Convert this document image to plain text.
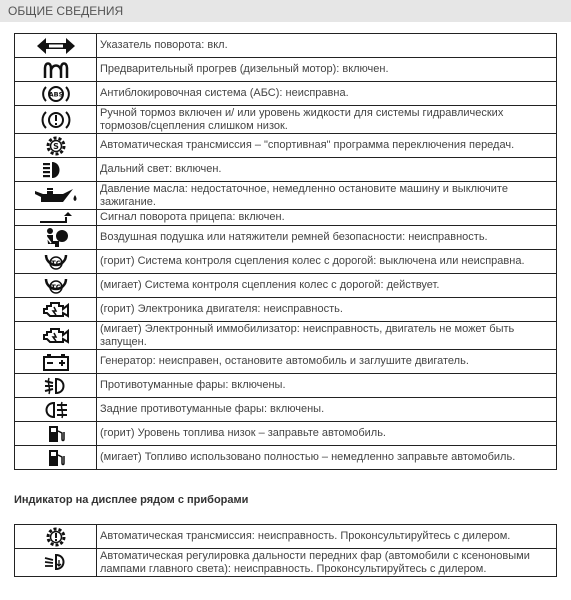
ОБЩИЕ СВЕДЕНИЯ
	Указатель поворота: вкл.

	Предварительный прогрев (дизельный мотор): включен.

ABS	Антиблокировочная система (АБС): неисправна.

	Ручной тормоз включен и/ или уровень жидкости для системы гидравлических тормозов/сцепления слишком низок.

S	Автоматическая трансмиссия – "спортивная" программа переключения передач.

	Дальний свет: включен.

	Давление масла: недостаточное, немедленно остановите машину и выключите зажигание.

	Сигнал поворота прицепа: включен.

	Воздушная подушка или натяжители ремней безопасности: неисправность.

TC	(горит) Система контроля сцепления колес с дорогой: выключена или неисправна.

TC	(мигает) Система контроля сцепления колес с дорогой: действует.

	(горит) Электроника двигателя: неисправность.

	(мигает) Электронный иммобилизатор: неисправность, двигатель не может быть запущен.

	Генератор: неисправен, остановите автомобиль и заглушите двигатель.

	Противотуманные фары: включены.

	Задние противотуманные фары: включены.

	(горит) Уровень топлива низок – заправьте автомобиль.

	(мигает) Топливо использовано полностью – немедленно заправьте автомобиль.
Индикатор на дисплее рядом с приборами
	Автоматическая трансмиссия: неисправность. Проконсультируйтесь с дилером.

	Автоматическая регулировка дальности передних фар (автомобили с ксеноновыми лампами главного света): неисправность. Проконсультируйтесь с дилером.
